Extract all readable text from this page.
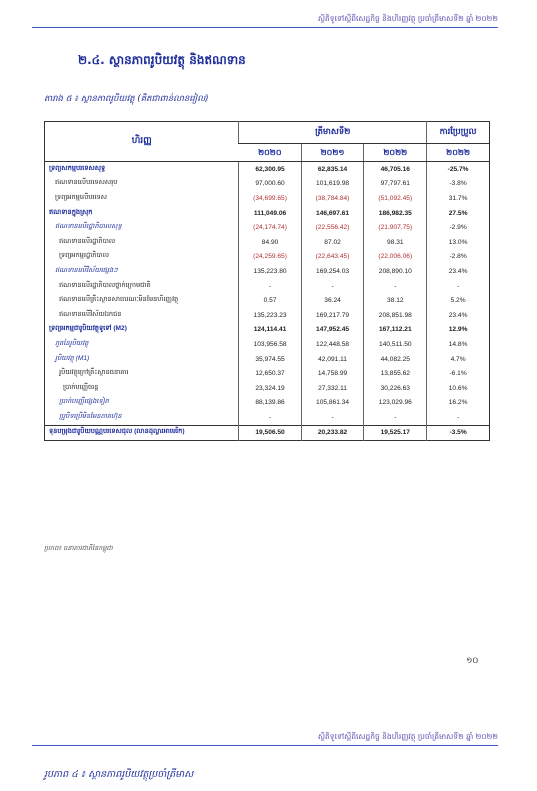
ស្ថិតិទូទៅស្តីពីសេដ្ឋកិច្ច និងហិរញ្ញវត្ថុ ប្រចាំត្រីមាសទី២ ឆ្នាំ ២០២២
២.៤. ស្ថានភាពរូបិយវត្ថុ និងឥណទាន
តារាង ៥ ៖ ស្ថានភាពរូបិយវត្ថុ (គិតជាពាន់លានរៀល)
ហិរញ្ញ	ត្រីមាសទី២			ការប្រែប្រួល
	២០២០	២០២១	២០២២	២០២២
ទ្រព្យសកម្មបរទេសសុទ្ធ	62,300.95	62,835.14	46,705.16	-25.7%
ឥណទានលើបរទេសសរុប	97,000.60	101,619.98	97,797.61	-3.8%
ទ្រព្យអកម្មលើបរទេស	(34,699.65)	(38,784.84)	(51,092.45)	31.7%
ឥណទានក្នុងស្រុក	111,049.06	146,697.61	186,982.35	27.5%
ឥណទានលើរដ្ឋាភិបាលសុទ្ធ	(24,174.74)	(22,556.42)	(21,907.75)	-2.9%
ឥណទានលើរដ្ឋាភិបាល	84.90	87.02	98.31	13.0%
ទ្រព្យអកម្មរដ្ឋាភិបាល	(24,259.65)	(22,643.45)	(22,006.06)	-2.8%
ឥណទានលើវិស័យផ្សេងៗ	135,223.80	169,254.03	208,890.10	23.4%
ឥណទានលើរដ្ឋាភិបាលថ្នាក់ក្រោមជាតិ	-	-	-	-
ឥណទានលើគ្រឹះស្ថានសាធារណៈមិនមែនហិរញ្ញវត្ថុ	0.57	36.24	38.12	5.2%
ឥណទានលើវិស័យឯកជន	135,223.23	169,217.79	208,851.98	23.4%
ទ្រព្យអកម្មជារូបិយវត្ថុទូទៅ (M2)	124,114.41	147,952.45	167,112.21	12.9%
ភូតនៃរូបិយវត្ថុ	103,956.58	122,448.58	140,511.50	14.8%
រូបិយវត្ថុ (M1)	35,974.55	42,091.11	44,082.25	4.7%
រូបិយវត្ថុក្រៅគ្រឹះស្ថានធនាគារ	12,650.37	14,758.99	13,855.62	-6.1%
ប្រាក់បញ្ញើចរន្ត	23,324.19	27,332.11	30,226.63	10.6%
ប្រាក់បញ្ញើផ្សេងទៀត	88,139.86	105,861.34	123,029.96	16.2%
ប្រូបិទប្រើមិនមែនភាគហ៊ុន	-	-	-	-
ទុនបម្រុងជារូបិយបណ្ណបរទេសដុល (លានដុល្លារអាមេរិក)	19,506.50	20,233.82	19,525.17	-3.5%
ប្រភព៖ ធនាគារជាតិនៃកម្ពុជា
១០
ស្ថិតិទូទៅស្តីពីសេដ្ឋកិច្ច និងហិរញ្ញវត្ថុ ប្រចាំត្រីមាសទី២ ឆ្នាំ ២០២២
រូបភាព ៤ ៖ ស្ថានភាពរូបិយវត្ថុប្រចាំត្រីមាស
